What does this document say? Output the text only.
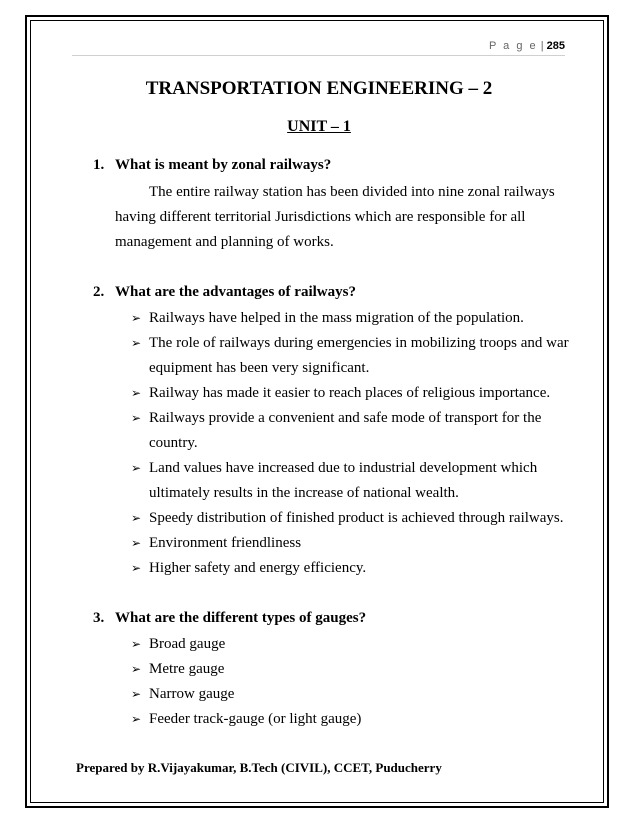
P a g e | 285
TRANSPORTATION ENGINEERING – 2
UNIT – 1
1. What is meant by zonal railways?
The entire railway station has been divided into nine zonal railways
having different territorial Jurisdictions which are responsible for all
management and planning of works.
2. What are the advantages of railways?
➢ Railways have helped in the mass migration of the population.
➢ The role of railways during emergencies in mobilizing troops and war
equipment has been very significant.
➢ Railway has made it easier to reach places of religious importance.
➢ Railways provide a convenient and safe mode of transport for the
country.
➢ Land values have increased due to industrial development which
ultimately results in the increase of national wealth.
➢ Speedy distribution of finished product is achieved through railways.
➢ Environment friendliness
➢ Higher safety and energy efficiency.
3. What are the different types of gauges?
➢ Broad gauge
➢ Metre gauge
➢ Narrow gauge
➢ Feeder track-gauge (or light gauge)
Prepared by R.Vijayakumar, B.Tech (CIVIL), CCET, Puducherry
